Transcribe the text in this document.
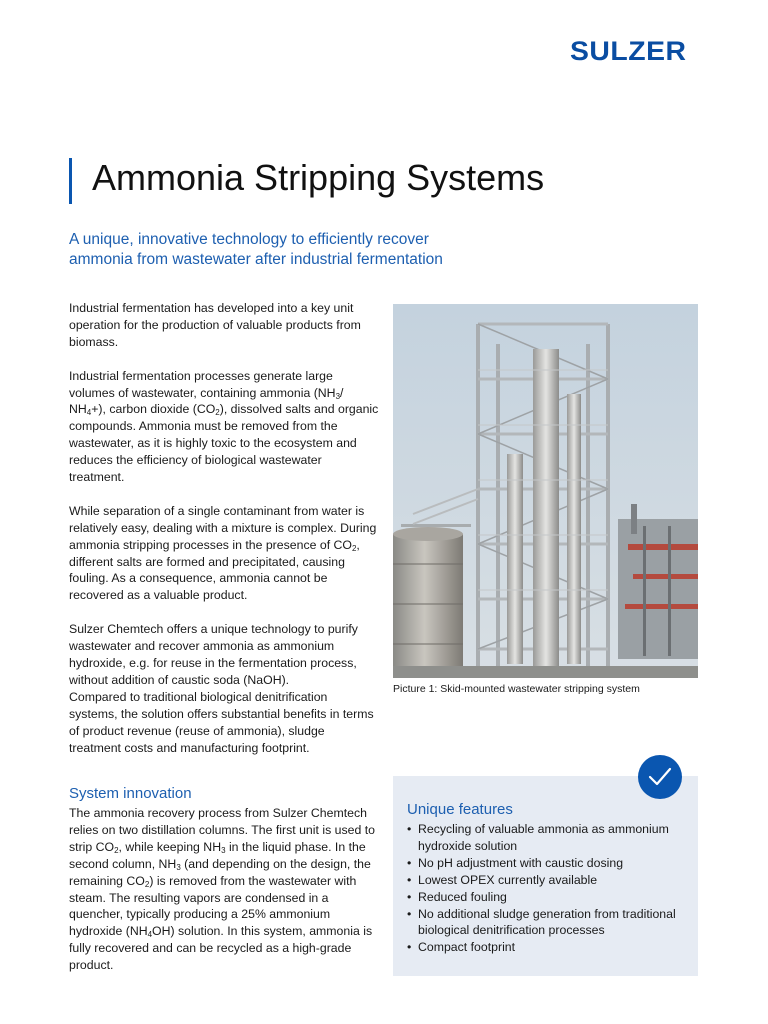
SULZER
Ammonia Stripping Systems

A unique, innovative technology to efficiently recover
ammonia from wastewater after industrial fermentation

Industrial fermentation has developed into a key unit operation for the production of valuable products from biomass.

Industrial fermentation processes generate large volumes of wastewater, containing ammonia ($NH_3/$ $NH_4+$), carbon dioxide $(CO_2)$, dissolved salts and organic compounds. Ammonia must be removed from the wastewater, as it is highly toxic to the ecosystem and reduces the efficiency of biological wastewater treatment.

While separation of a single contaminant from water is relatively easy, dealing with a mixture is complex. During ammonia stripping processes in the presence of $CO_2$, different salts are formed and precipitated, causing fouling. As a consequence, ammonia cannot be recovered as a valuable product.

Sulzer Chemtech offers a unique technology to purify wastewater and recover ammonia as ammonium hydroxide, e.g. for reuse in the fermentation process, without addition of caustic soda (NaOH).

Compared to traditional biological denitrification systems, the solution offers substantial benefits in terms of product revenue (reuse of ammonia), sludge treatment costs and manufacturing footprint.

System innovation
The ammonia recovery process from Sulzer Chemtech relies on two distillation columns. The first unit is used to strip $CO_2$, while keeping $NH_3$ in the liquid phase. In the second column, $NH_3$ (and depending on the design, the remaining $CO_2$) is removed from the wastewater with steam. The resulting vapors are condensed in a quencher, typically producing a 25% ammonium hydroxide $(NH_4OH)$ solution. In this system, ammonia is fully recovered and can be recycled as a high-grade product.

Picture 1: Skid-mounted wastewater stripping system

Unique features
• Recycling of valuable ammonia as ammonium hydroxide solution
• No pH adjustment with caustic dosing
• Lowest OPEX currently available
• Reduced fouling
• No additional sludge generation from traditional biological denitrification processes
• Compact footprint
